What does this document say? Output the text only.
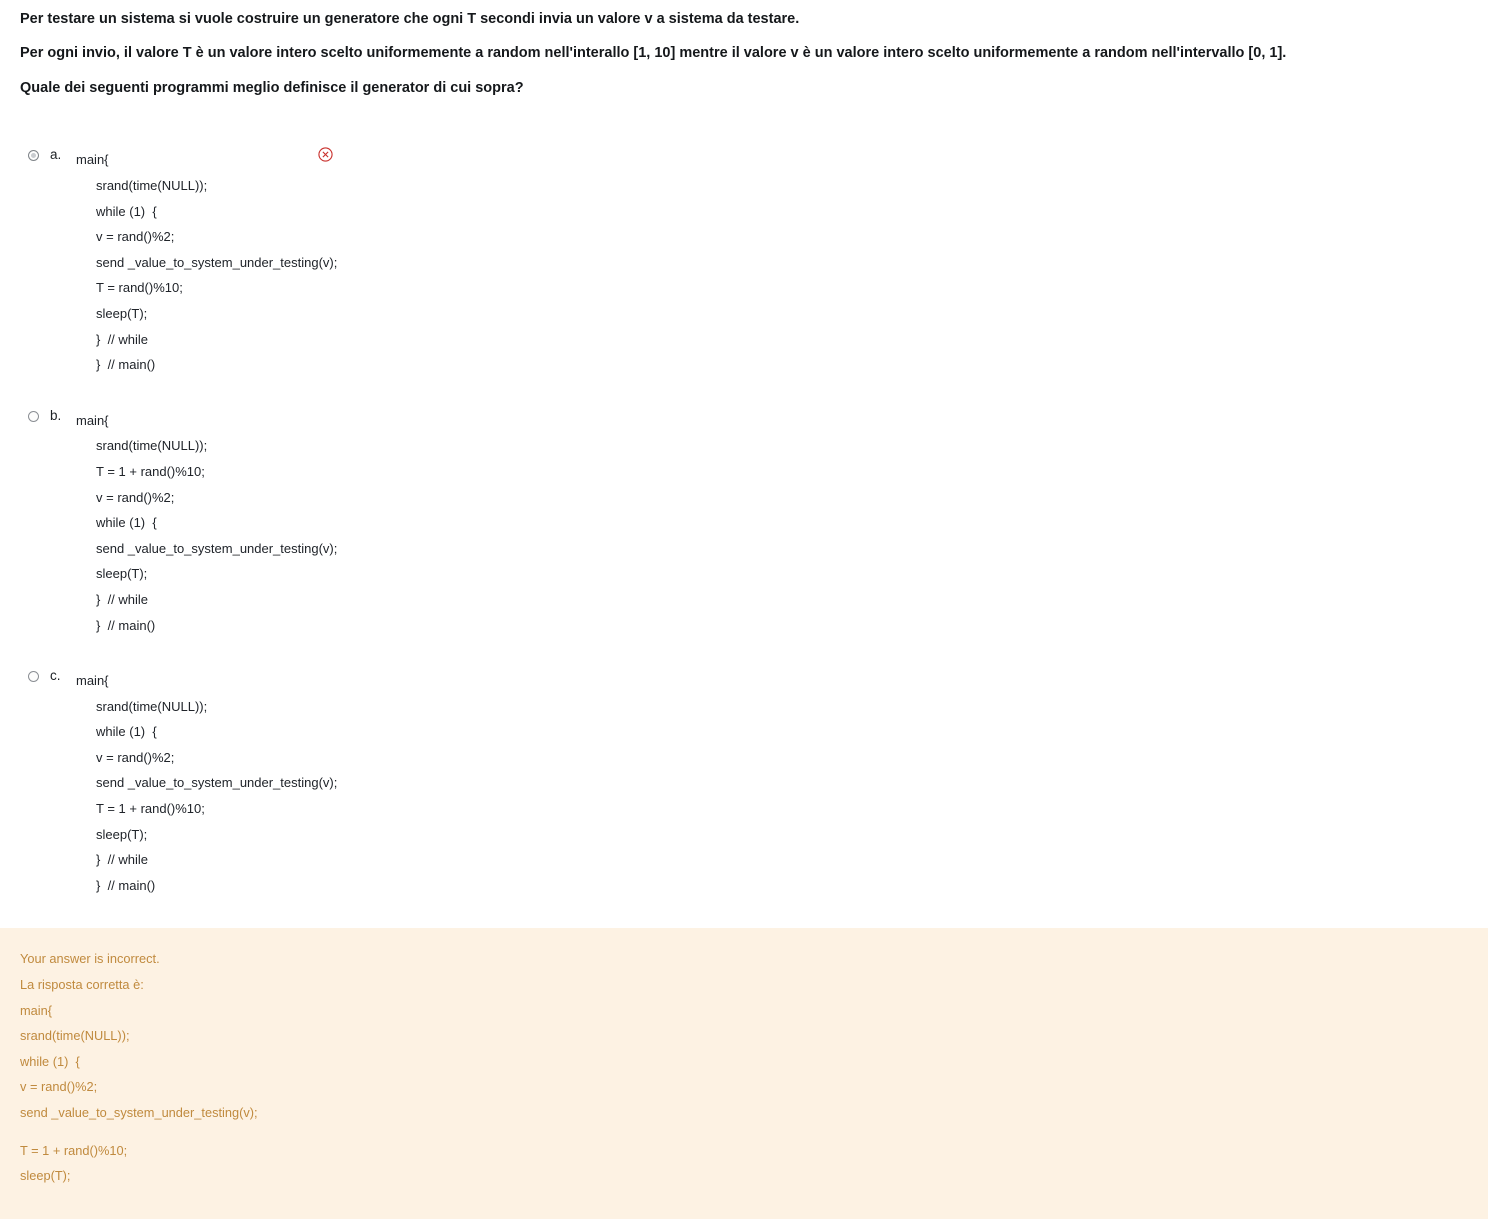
Per testare un sistema si vuole costruire un generatore che ogni T secondi invia un valore v a sistema da testare.

Per ogni invio, il valore T è un valore intero scelto uniformemente a random nell'interallo [1, 10] mentre il valore v è un valore intero scelto uniformemente a random nell'intervallo [0, 1].

Quale dei seguenti programmi meglio definisce il generator di cui sopra?

a.	main{
srand(time(NULL));
while (1)  {
v = rand()%2;
send _value_to_system_under_testing(v);
T = rand()%10;
sleep(T);
}  // while
}  // main()
b.	main{
srand(time(NULL));
T = 1 + rand()%10;
v = rand()%2;
while (1)  {
send _value_to_system_under_testing(v);
sleep(T);
}  // while
}  // main()
c.	main{
srand(time(NULL));
while (1)  {
v = rand()%2;
send _value_to_system_under_testing(v);
T = 1 + rand()%10;
sleep(T);
}  // while
}  // main()

Your answer is incorrect.

La risposta corretta è:

main{

srand(time(NULL));

while (1)  {

v = rand()%2;

send _value_to_system_under_testing(v);

T = 1 + rand()%10;

sleep(T);
